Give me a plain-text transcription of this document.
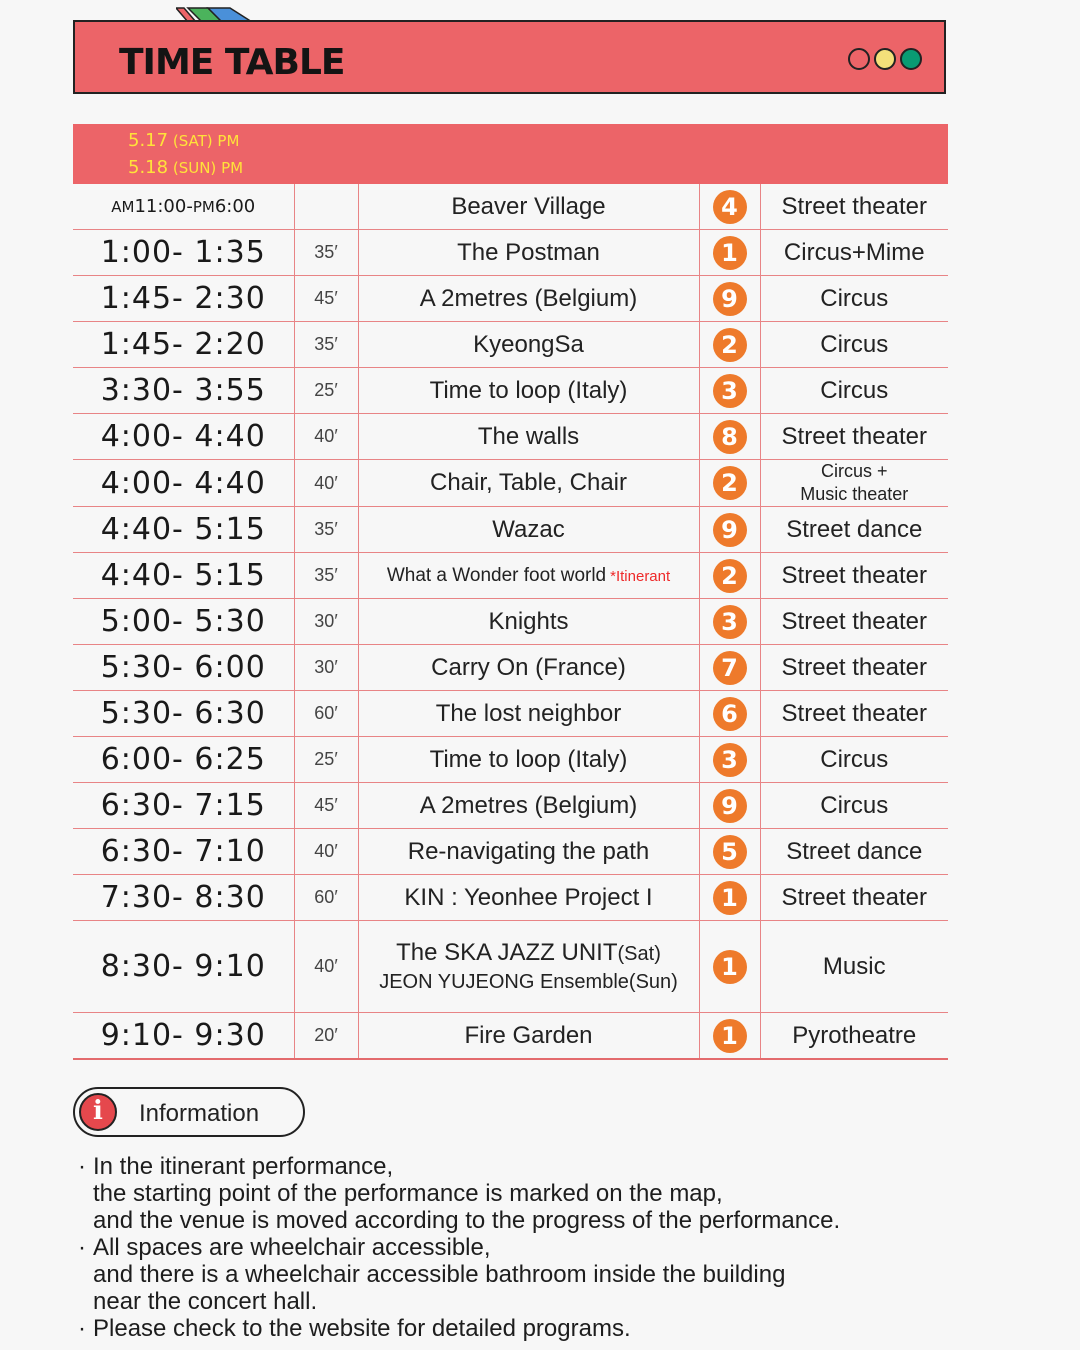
TIME TABLE
5.17 (SAT) PM
5.18 (SUN) PM
AM11:00-PM6:00		Beaver Village	4	Street theater
1:00- 1:35	35′	The Postman	1	Circus+Mime
1:45- 2:30	45′	A 2metres (Belgium)	9	Circus
1:45- 2:20	35′	KyeongSa	2	Circus
3:30- 3:55	25′	Time to loop (Italy)	3	Circus
4:00- 4:40	40′	The walls	8	Street theater
4:00- 4:40	40′	Chair, Table, Chair	2	Circus +
Music theater
4:40- 5:15	35′	Wazac	9	Street dance
4:40- 5:15	35′	What a Wonder foot world *Itinerant	2	Street theater
5:00- 5:30	30′	Knights	3	Street theater
5:30- 6:00	30′	Carry On (France)	7	Street theater
5:30- 6:30	60′	The lost neighbor	6	Street theater
6:00- 6:25	25′	Time to loop (Italy)	3	Circus
6:30- 7:15	45′	A 2metres (Belgium)	9	Circus
6:30- 7:10	40′	Re-navigating the path	5	Street dance
7:30- 8:30	60′	KIN : Yeonhee Project I	1	Street theater
8:30- 9:10	40′	The SKA JAZZ UNIT(Sat)
JEON YUJEONG Ensemble(Sun)	1	Music
9:10- 9:30	20′	Fire Garden	1	Pyrotheatre
i	Information
· In the itinerant performance,
the starting point of the performance is marked on the map,
and the venue is moved according to the progress of the performance.
· All spaces are wheelchair accessible,
and there is a wheelchair accessible bathroom inside the building
near the concert hall.
· Please check to the website for detailed programs.
